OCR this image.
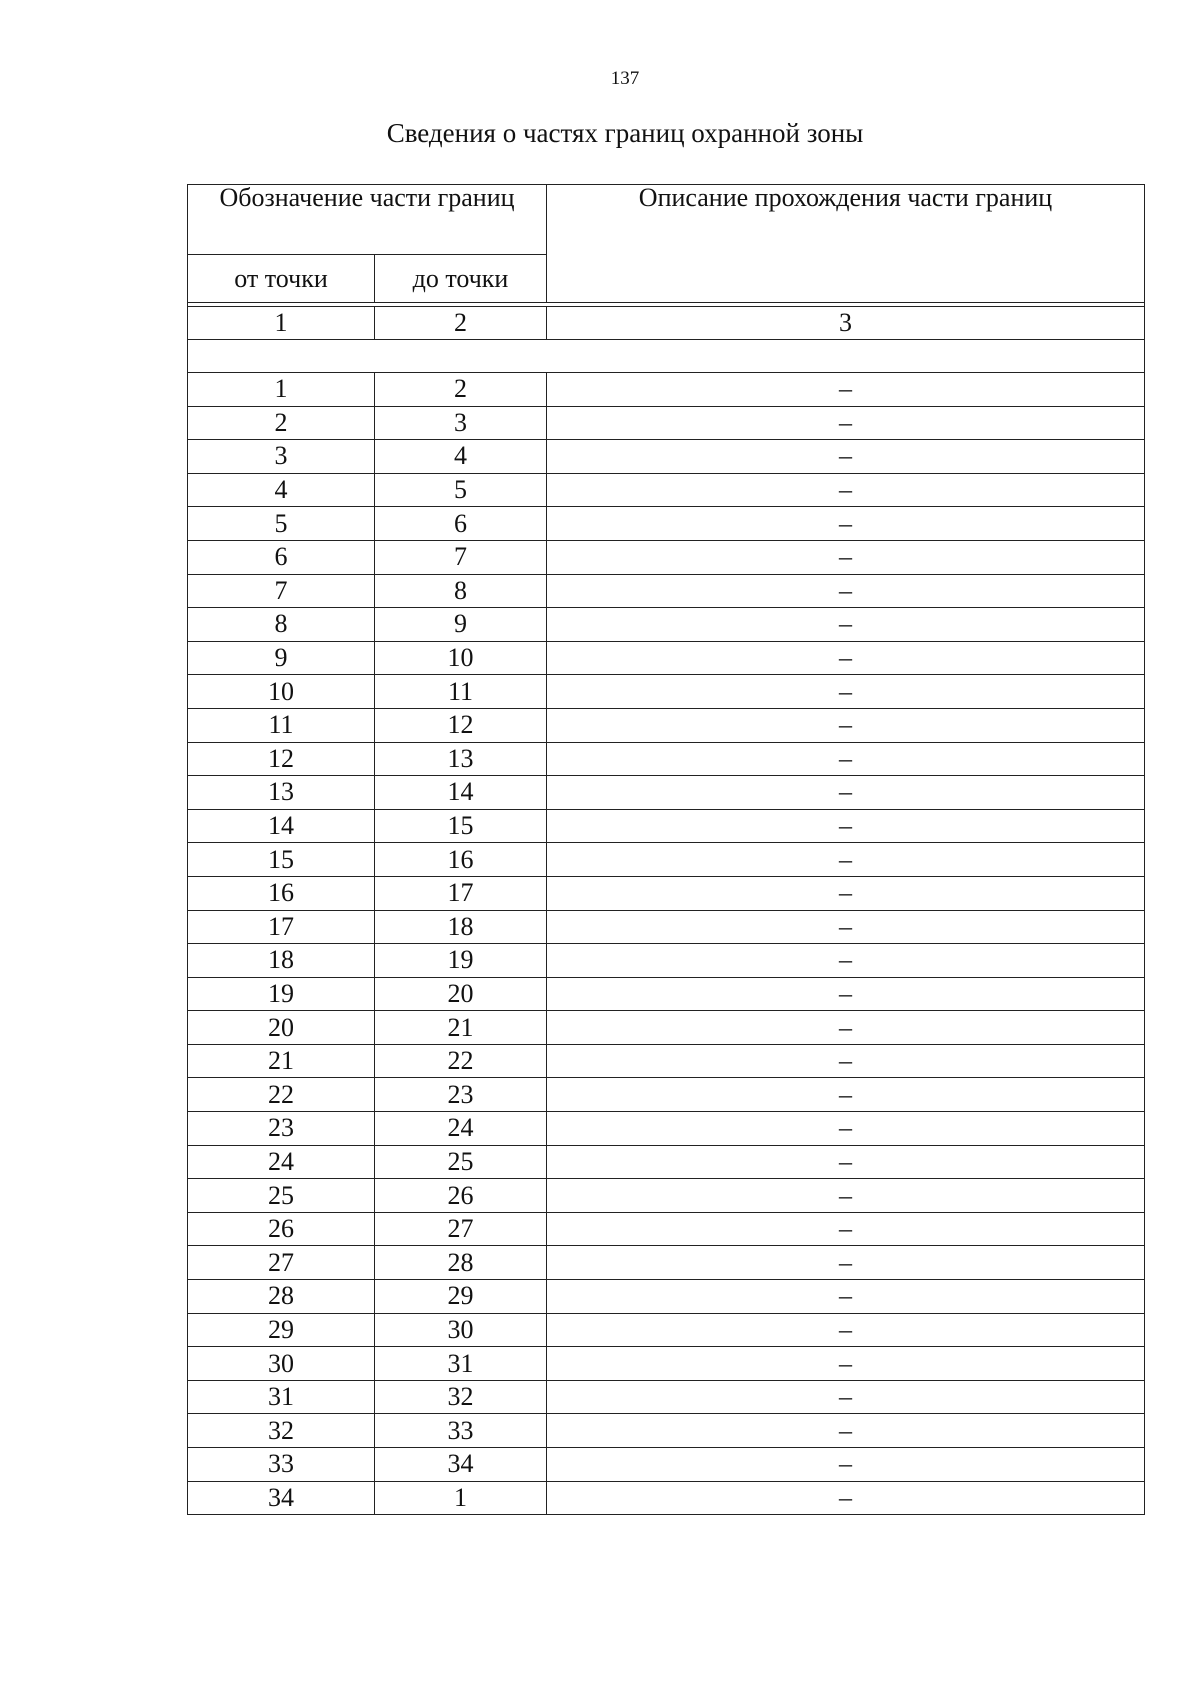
137
Сведения о частях границ охранной зоны
Обозначение части границ		Описание прохождения части границ
от точки	до точки	

1	2	3

1	2	–
2	3	–
3	4	–
4	5	–
5	6	–
6	7	–
7	8	–
8	9	–
9	10	–
10	11	–
11	12	–
12	13	–
13	14	–
14	15	–
15	16	–
16	17	–
17	18	–
18	19	–
19	20	–
20	21	–
21	22	–
22	23	–
23	24	–
24	25	–
25	26	–
26	27	–
27	28	–
28	29	–
29	30	–
30	31	–
31	32	–
32	33	–
33	34	–
34	1	–
